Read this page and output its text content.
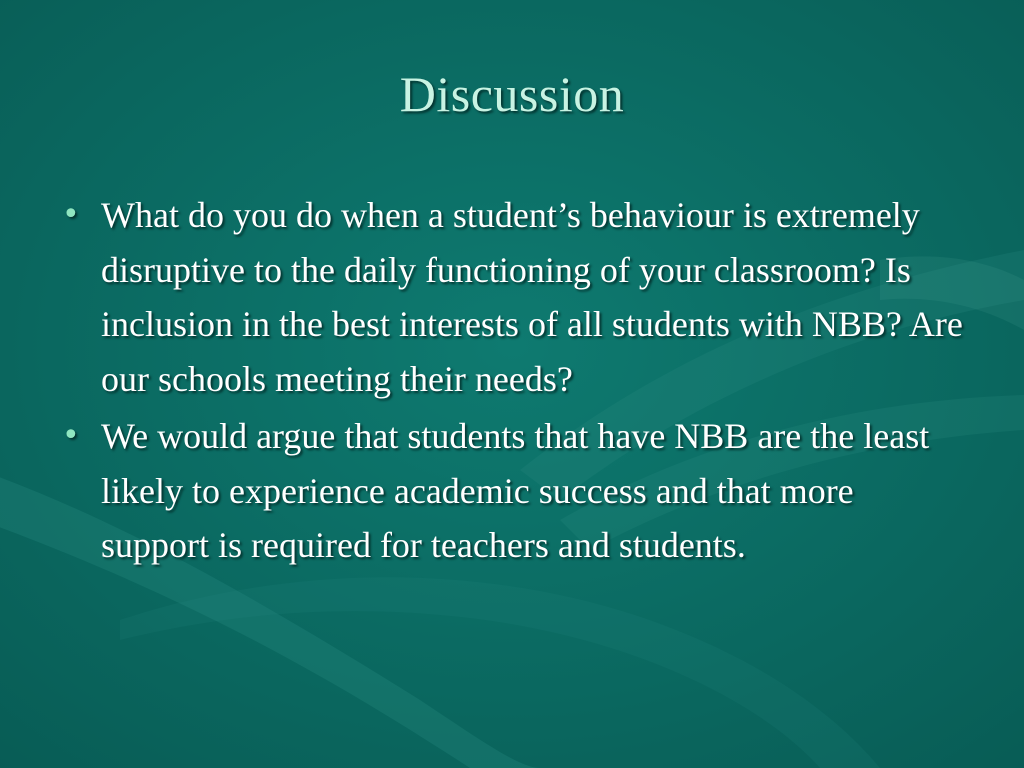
Discussion
• What do you do when a student’s behaviour is extremely disruptive to the daily functioning of your classroom? Is inclusion in the best interests of all students with NBB? Are our schools meeting their needs?
• We would argue that students that have NBB are the least likely to experience academic success and that more support is required for teachers and students.
